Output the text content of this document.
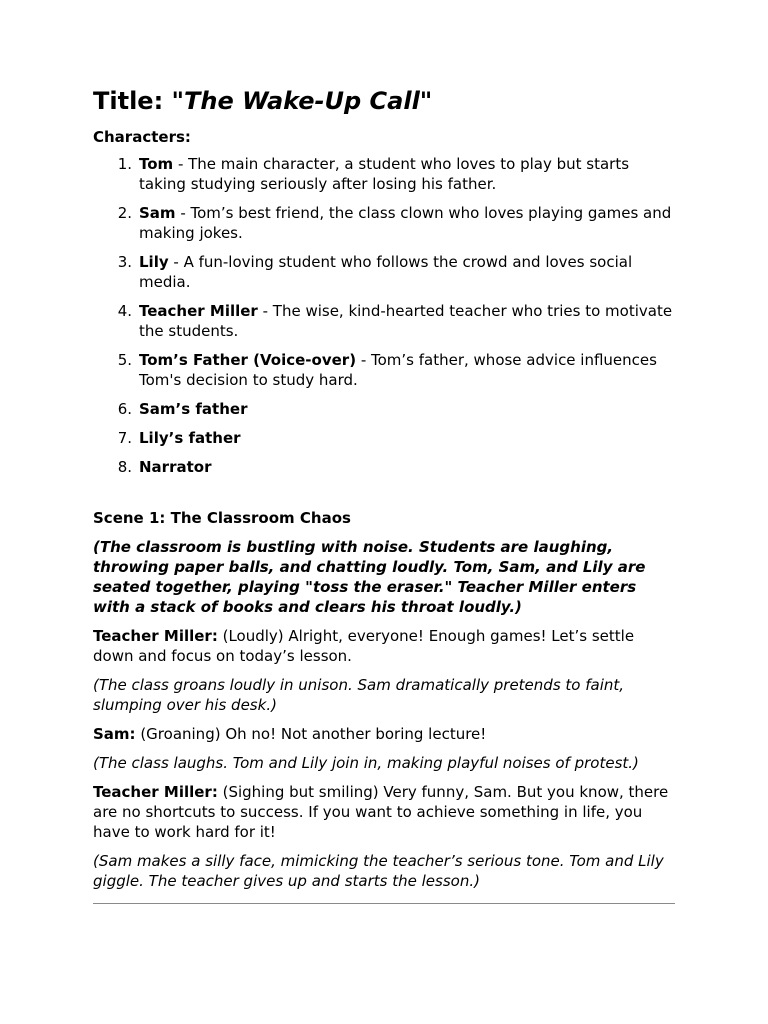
Title: "The Wake-Up Call"
Characters:
1. Tom - The main character, a student who loves to play but starts taking studying seriously after losing his father.
2. Sam - Tom’s best friend, the class clown who loves playing games and making jokes.
3. Lily - A fun-loving student who follows the crowd and loves social media.
4. Teacher Miller - The wise, kind-hearted teacher who tries to motivate the students.
5. Tom’s Father (Voice-over) - Tom’s father, whose advice influences Tom's decision to study hard.
6. Sam’s father
7. Lily’s father
8. Narrator
Scene 1: The Classroom Chaos

(The classroom is bustling with noise. Students are laughing, throwing paper balls, and chatting loudly. Tom, Sam, and Lily are seated together, playing "toss the eraser." Teacher Miller enters with a stack of books and clears his throat loudly.)

Teacher Miller: (Loudly) Alright, everyone! Enough games! Let’s settle down and focus on today’s lesson.

(The class groans loudly in unison. Sam dramatically pretends to faint, slumping over his desk.)

Sam: (Groaning) Oh no! Not another boring lecture!

(The class laughs. Tom and Lily join in, making playful noises of protest.)

Teacher Miller: (Sighing but smiling) Very funny, Sam. But you know, there are no shortcuts to success. If you want to achieve something in life, you have to work hard for it!

(Sam makes a silly face, mimicking the teacher’s serious tone. Tom and Lily giggle. The teacher gives up and starts the lesson.)
